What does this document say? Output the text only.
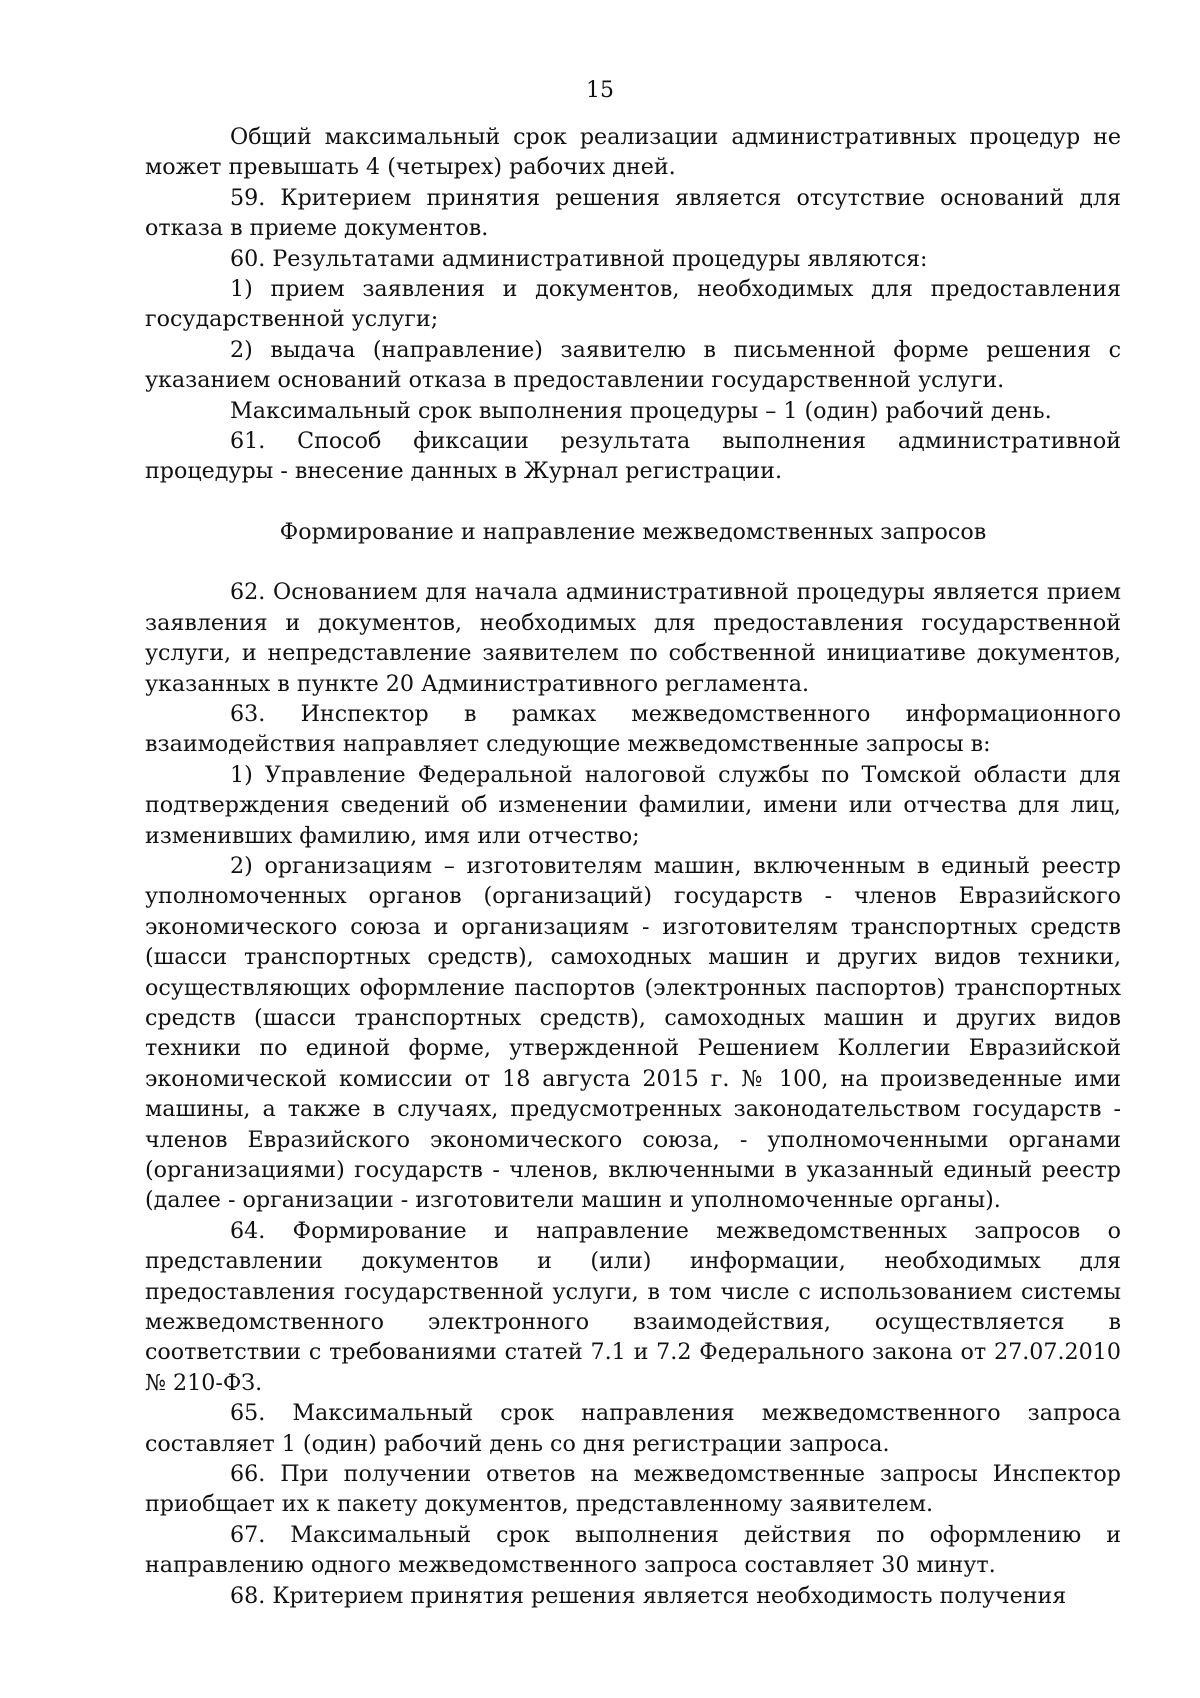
15

Общий максимальный срок реализации административных процедур не может превышать 4 (четырех) рабочих дней.

59. Критерием принятия решения является отсутствие оснований для отказа в приеме документов.

60. Результатами административной процедуры являются:

1) прием заявления и документов, необходимых для предоставления государственной услуги;

2) выдача (направление) заявителю в письменной форме решения с указанием оснований отказа в предоставлении государственной услуги.

Максимальный срок выполнения процедуры – 1 (один) рабочий день.

61. Способ фиксации результата выполнения административной процедуры - внесение данных в Журнал регистрации.

Формирование и направление межведомственных запросов

62. Основанием для начала административной процедуры является прием заявления и документов, необходимых для предоставления государственной услуги, и непредставление заявителем по собственной инициативе документов, указанных в пункте 20 Административного регламента.

63. Инспектор в рамках межведомственного информационного взаимодействия направляет следующие межведомственные запросы в:

1) Управление Федеральной налоговой службы по Томской области для подтверждения сведений об изменении фамилии, имени или отчества для лиц, изменивших фамилию, имя или отчество;

2) организациям – изготовителям машин, включенным в единый реестр уполномоченных органов (организаций) государств - членов Евразийского экономического союза и организациям - изготовителям транспортных средств (шасси транспортных средств), самоходных машин и других видов техники, осуществляющих оформление паспортов (электронных паспортов) транспортных средств (шасси транспортных средств), самоходных машин и других видов техники по единой форме, утвержденной Решением Коллегии Евразийской экономической комиссии от 18 августа 2015 г. № 100, на произведенные ими машины, а также в случаях, предусмотренных законодательством государств - членов Евразийского экономического союза, - уполномоченными органами (организациями) государств - членов, включенными в указанный единый реестр (далее - организации - изготовители машин и уполномоченные органы).

64. Формирование и направление межведомственных запросов о представлении документов и (или) информации, необходимых для предоставления государственной услуги, в том числе с использованием системы межведомственного электронного взаимодействия, осуществляется в соответствии с требованиями статей 7.1 и 7.2 Федерального закона от 27.07.2010 № 210-ФЗ.

65. Максимальный срок направления межведомственного запроса составляет 1 (один) рабочий день со дня регистрации запроса.

66. При получении ответов на межведомственные запросы Инспектор приобщает их к пакету документов, представленному заявителем.

67. Максимальный срок выполнения действия по оформлению и направлению одного межведомственного запроса составляет 30 минут.

68. Критерием принятия решения является необходимость получения
